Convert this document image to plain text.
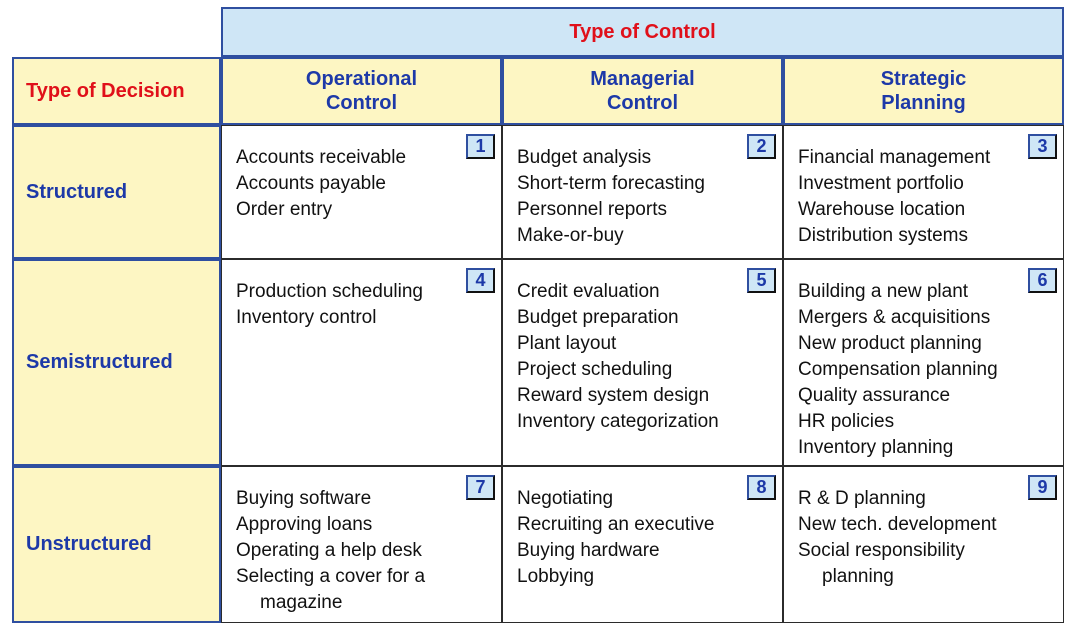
Type of Control
Type of Decision
Operational
Control
Managerial
Control
Strategic
Planning
Structured
Semistructured
Unstructured
1
Accounts receivable
Accounts payable
Order entry
2
Budget analysis
Short-term forecasting
Personnel reports
Make-or-buy
3
Financial management
Investment portfolio
Warehouse location
Distribution systems
4
Production scheduling
Inventory control
5
Credit evaluation
Budget preparation
Plant layout
Project scheduling
Reward system design
Inventory categorization
6
Building a new plant
Mergers & acquisitions
New product planning
Compensation planning
Quality assurance
HR policies
Inventory planning
7
Buying software
Approving loans
Operating a help desk
Selecting a cover for a
magazine
8
Negotiating
Recruiting an executive
Buying hardware
Lobbying
9
R & D planning
New tech. development
Social responsibility
planning
